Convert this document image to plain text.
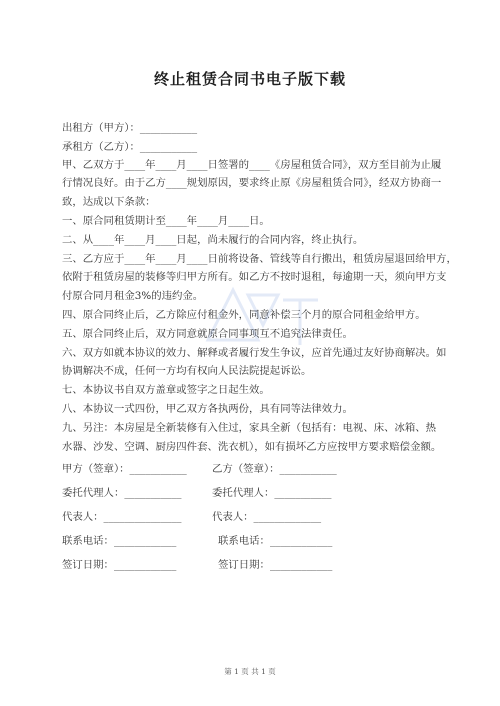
终止租赁合同书电子版下载
出租方（甲方）：___________
承租方（乙方）：___________
甲、乙双方于____年____月____日签署的____《房屋租赁合同》，双方至目前为止履
行情况良好。由于乙方____规划原因，要求终止原《房屋租赁合同》，经双方协商一
致，达成以下条款：
一、原合同租赁期计至____年____月____日。
二、从____年____月____日起，尚未履行的合同内容，终止执行。
三、乙方应于____年____月____日前将设备、管线等自行搬出，租赁房屋退回给甲方，
依附于租赁房屋的装修等归甲方所有。如乙方不按时退租，每逾期一天，须向甲方支
付原合同月租金3%的违约金。
四、原合同终止后，乙方除应付租金外，同意补偿三个月的原合同租金给甲方。
五、原合同终止后，双方同意就原合同事项互不追究法律责任。
六、双方如就本协议的效力、解释或者履行发生争议，应首先通过友好协商解决。如
协调解决不成，任何一方均有权向人民法院提起诉讼。
七、本协议书自双方盖章或签字之日起生效。
八、本协议一式四份，甲乙双方各执两份，具有同等法律效力。
九、另注：本房屋是全新装修有入住过，家具全新（包括有：电视、床、冰箱、热
水器、沙发、空调、厨房四件套、洗衣机），如有损坏乙方应按甲方要求赔偿金额。
甲方（签章）：___________
委托代理人：___________
代表人：_______________
联系电话：____________
签订日期：____________
乙方（签章）：___________
委托代理人：___________
代表人：_____________
联系电话：____________
签订日期：____________
第 1 页 共 1 页
